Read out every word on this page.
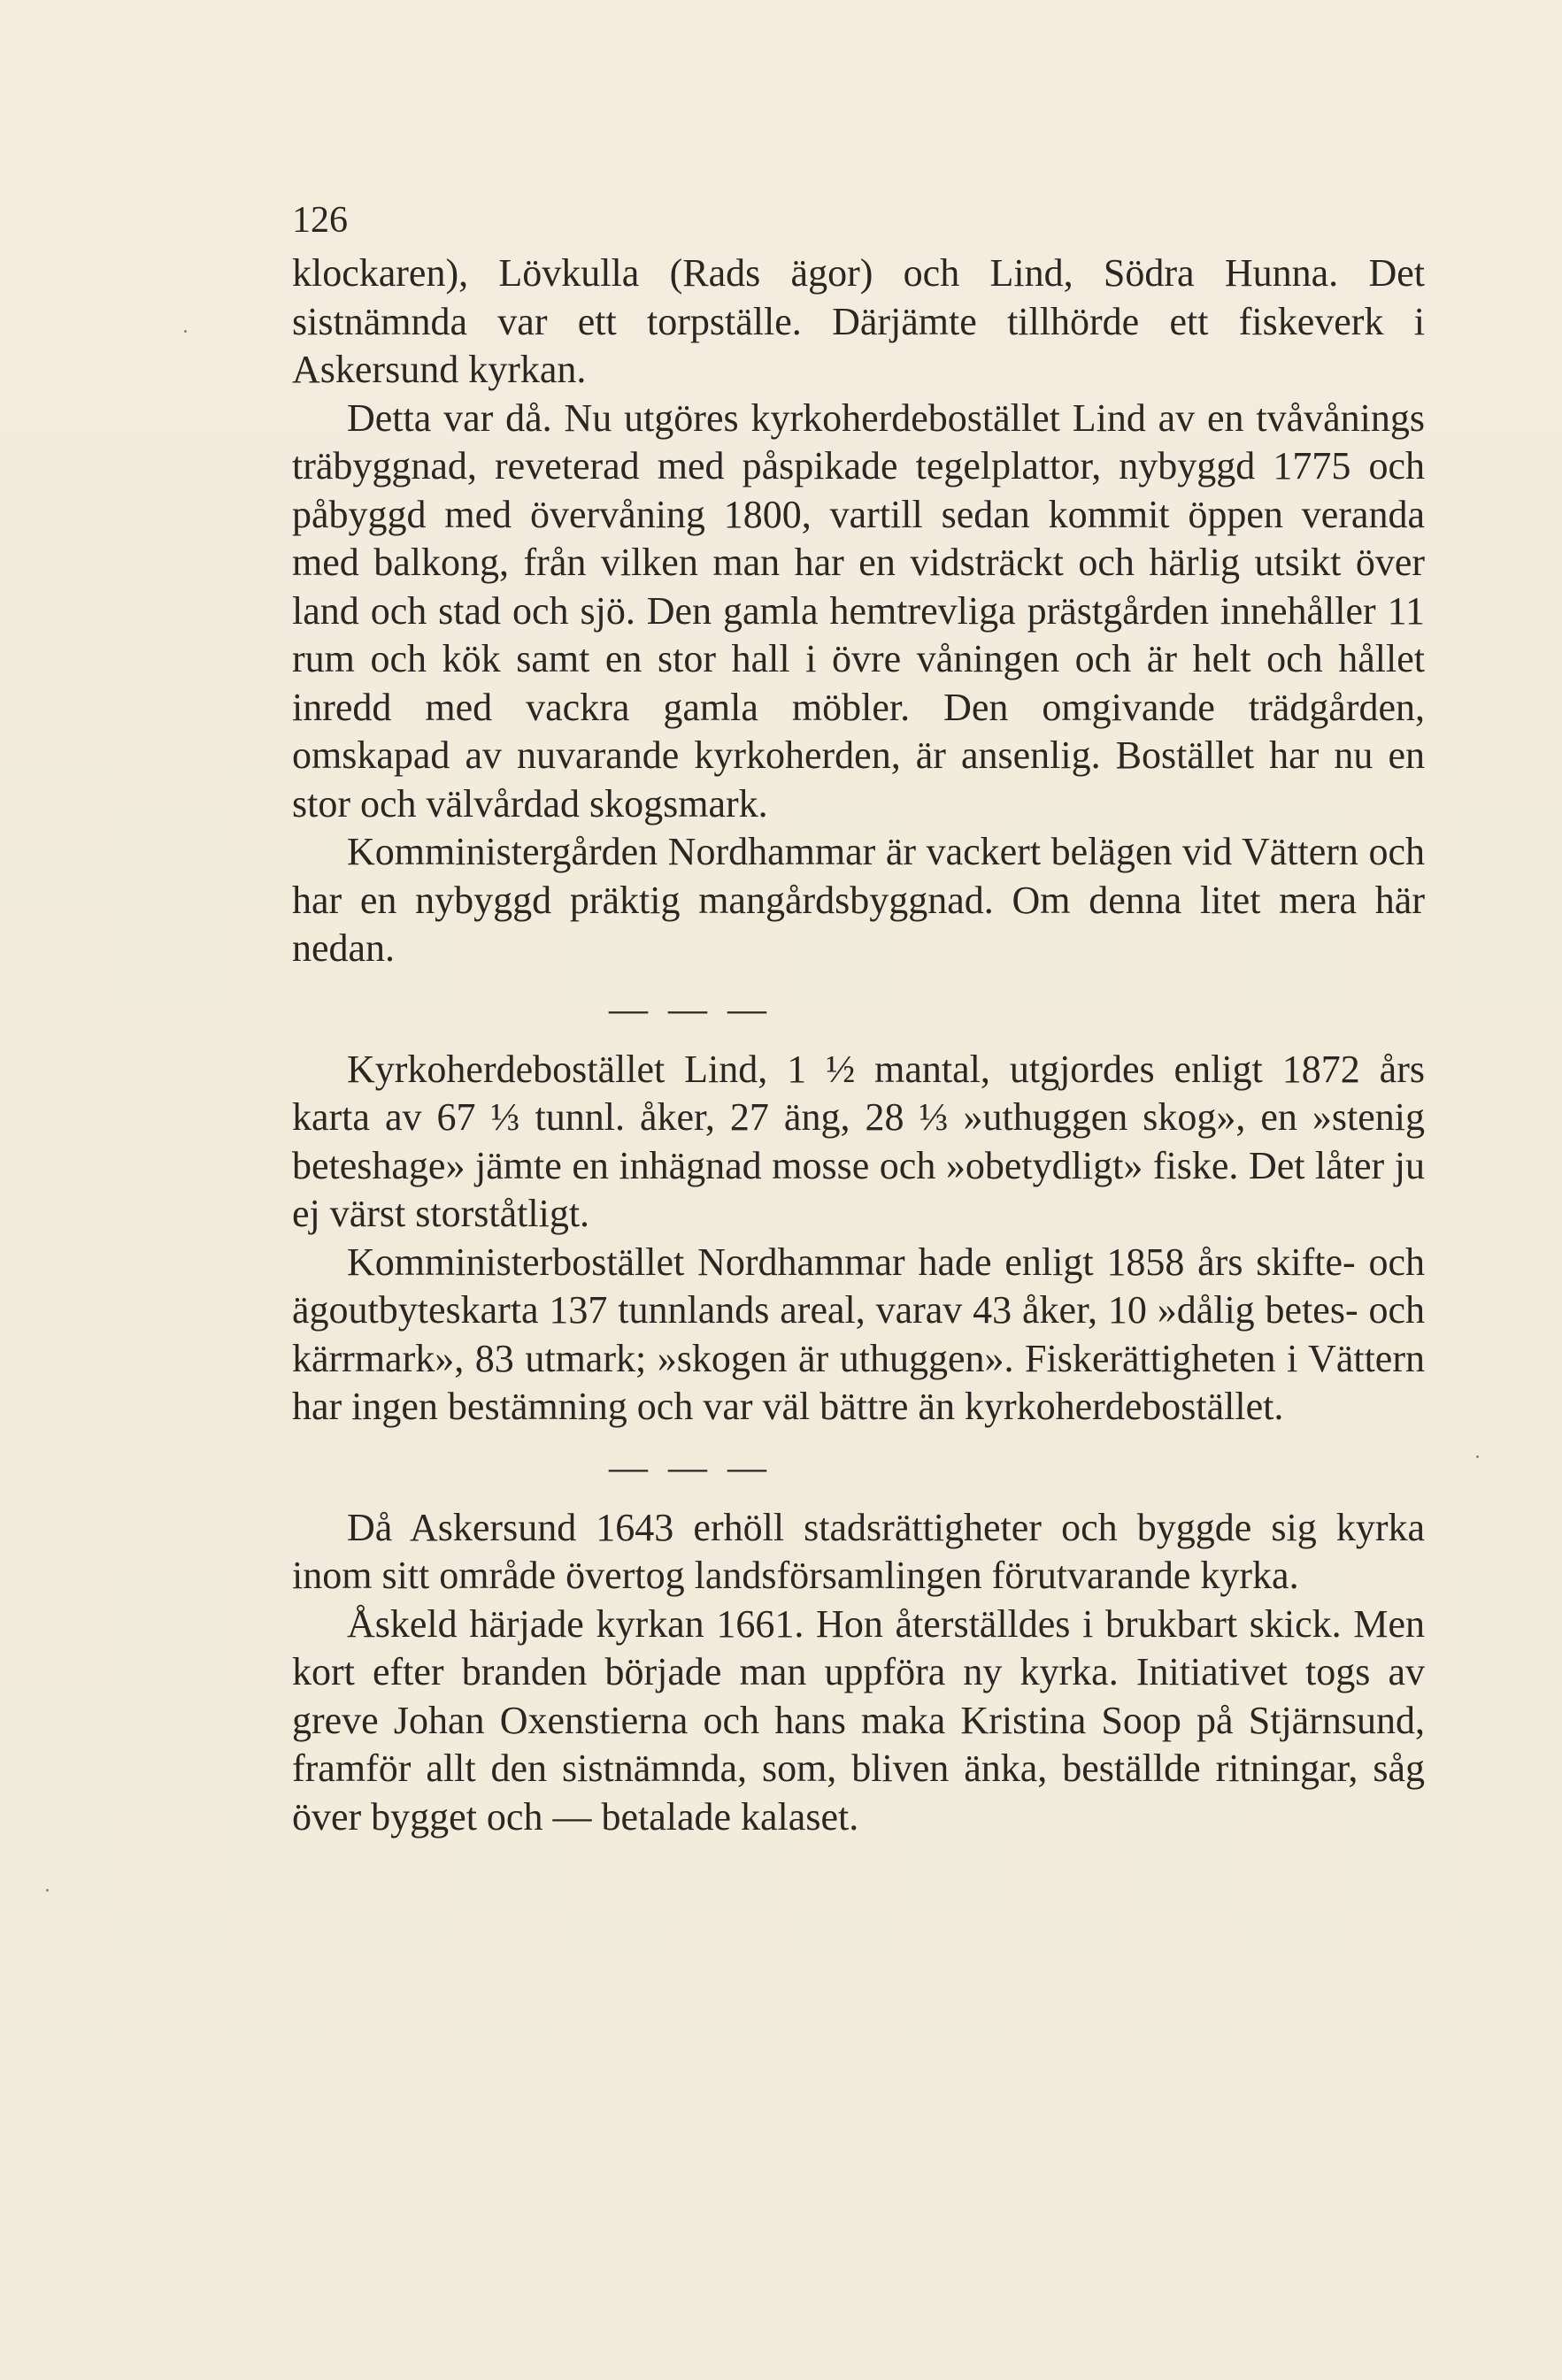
126

klockaren), Lövkulla (Rads ägor) och Lind, Södra Hunna. Det sistnämnda var ett torpställe. Därjämte tillhörde ett fiskeverk i Askersund kyrkan.

Detta var då. Nu utgöres kyrkoherdebostället Lind av en tvåvånings träbyggnad, reveterad med påspikade tegelplattor, nybyggd 1775 och påbyggd med övervåning 1800, vartill sedan kommit öppen veranda med balkong, från vilken man har en vidsträckt och härlig utsikt över land och stad och sjö. Den gamla hemtrevliga prästgården innehåller 11 rum och kök samt en stor hall i övre våningen och är helt och hållet inredd med vackra gamla möbler. Den omgivande trädgården, omskapad av nuvarande kyrkoherden, är ansenlig. Bostället har nu en stor och välvårdad skogsmark.

Komministergården Nordhammar är vackert belägen vid Vättern och har en nybyggd präktig mangårdsbyggnad. Om denna litet mera här nedan.

— — —

Kyrkoherdebostället Lind, 1 ½ mantal, utgjordes enligt 1872 års karta av 67 ⅓ tunnl. åker, 27 äng, 28 ⅓ »uthuggen skog», en »stenig beteshage» jämte en inhägnad mosse och »obetydligt» fiske. Det låter ju ej värst storståtligt.

Komministerbostället Nordhammar hade enligt 1858 års skifte- och ägoutbyteskarta 137 tunnlands areal, varav 43 åker, 10 »dålig betes- och kärrmark», 83 utmark; »skogen är uthuggen». Fiskerättigheten i Vättern har ingen bestämning och var väl bättre än kyrkoherdebostället.

— — —

Då Askersund 1643 erhöll stadsrättigheter och byggde sig kyrka inom sitt område övertog landsförsamlingen förutvarande kyrka.

Åskeld härjade kyrkan 1661. Hon återställdes i brukbart skick. Men kort efter branden började man uppföra ny kyrka. Initiativet togs av greve Johan Oxenstierna och hans maka Kristina Soop på Stjärnsund, framför allt den sistnämnda, som, bliven änka, beställde ritningar, såg över bygget och — betalade kalaset.
